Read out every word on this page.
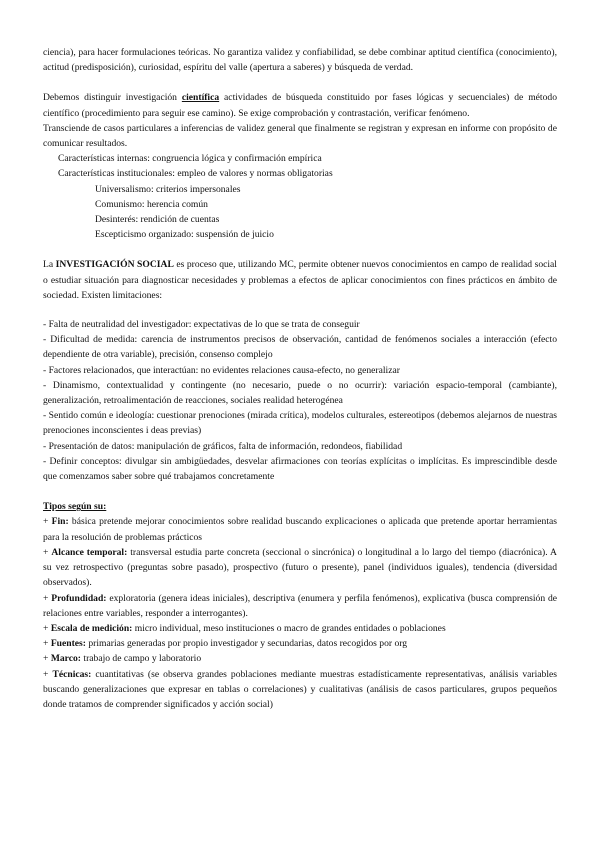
ciencia), para hacer formulaciones teóricas. No garantiza validez y confiabilidad, se debe combinar aptitud científica (conocimiento), actitud (predisposición), curiosidad, espíritu del valle (apertura a saberes) y búsqueda de verdad.

Debemos distinguir investigación científica actividades de búsqueda constituido por fases lógicas y secuenciales) de método científico (procedimiento para seguir ese camino). Se exige comprobación y contrastación, verificar fenómeno.

Transciende de casos particulares a inferencias de validez general que finalmente se registran y expresan en informe con propósito de comunicar resultados.

Características internas: congruencia lógica y confirmación empírica

Características institucionales: empleo de valores y normas obligatorias

Universalismo: criterios impersonales

Comunismo: herencia común

Desinterés: rendición de cuentas

Escepticismo organizado: suspensión de juicio

La INVESTIGACIÓN SOCIAL es proceso que, utilizando MC, permite obtener nuevos conocimientos en campo de realidad social o estudiar situación para diagnosticar necesidades y problemas a efectos de aplicar conocimientos con fines prácticos en ámbito de sociedad. Existen limitaciones:

- Falta de neutralidad del investigador: expectativas de lo que se trata de conseguir

- Dificultad de medida: carencia de instrumentos precisos de observación, cantidad de fenómenos sociales a interacción (efecto dependiente de otra variable), precisión, consenso complejo

- Factores relacionados, que interactúan: no evidentes relaciones causa-efecto, no generalizar

- Dinamismo, contextualidad y contingente (no necesario, puede o no ocurrir): variación espacio-temporal (cambiante), generalización, retroalimentación de reacciones, sociales realidad heterogénea

- Sentido común e ideología: cuestionar prenociones (mirada crítica), modelos culturales, estereotipos (debemos alejarnos de nuestras prenociones inconscientes i deas previas)

- Presentación de datos: manipulación de gráficos, falta de información, redondeos, fiabilidad

- Definir conceptos: divulgar sin ambigüedades, desvelar afirmaciones con teorías explícitas o implícitas. Es imprescindible desde que comenzamos saber sobre qué trabajamos concretamente

Tipos según su:

+ Fin: básica pretende mejorar conocimientos sobre realidad buscando explicaciones o aplicada que pretende aportar herramientas para la resolución de problemas prácticos

+ Alcance temporal: transversal estudia parte concreta (seccional o sincrónica) o longitudinal a lo largo del tiempo (diacrónica). A su vez retrospectivo (preguntas sobre pasado), prospectivo (futuro o presente), panel (individuos iguales), tendencia (diversidad observados).

+ Profundidad: exploratoria (genera ideas iniciales), descriptiva (enumera y perfila fenómenos), explicativa (busca comprensión de relaciones entre variables, responder a interrogantes).

+ Escala de medición: micro individual, meso instituciones o macro de grandes entidades o poblaciones

+ Fuentes: primarias generadas por propio investigador y secundarias, datos recogidos por org

+ Marco: trabajo de campo y laboratorio

+ Técnicas: cuantitativas (se observa grandes poblaciones mediante muestras estadísticamente representativas, análisis variables buscando generalizaciones que expresar en tablas o correlaciones) y cualitativas (análisis de casos particulares, grupos pequeños donde tratamos de comprender significados y acción social)
